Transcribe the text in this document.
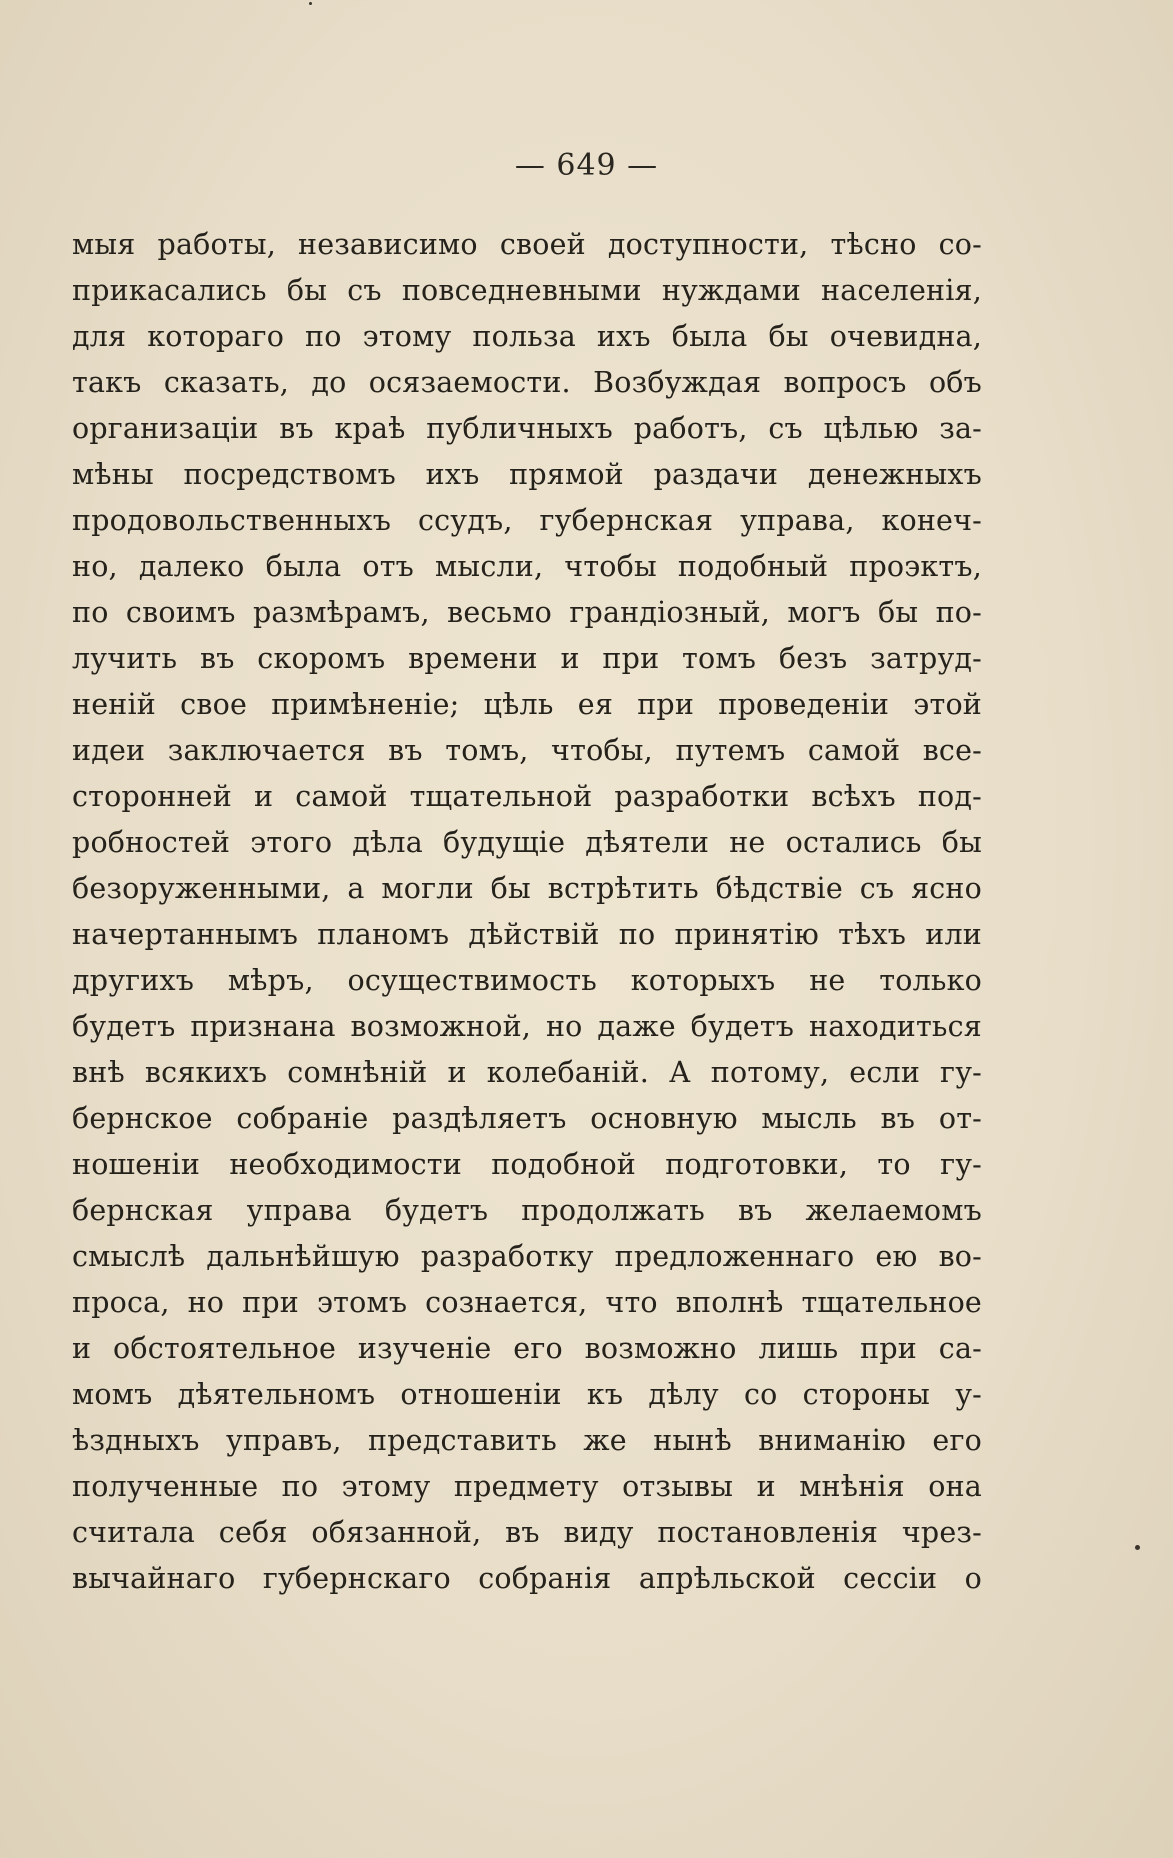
— 649 —
мыя работы, независимо своей доступности, тѣсно со-
прикасались бы съ повседневными нуждами населенія,
для котораго по этому польза ихъ была бы очевидна,
такъ сказать, до осязаемости. Возбуждая вопросъ объ
организаціи въ краѣ публичныхъ работъ, съ цѣлью за-
мѣны посредствомъ ихъ прямой раздачи денежныхъ
продовольственныхъ ссудъ, губернская управа, конеч-
но, далеко была отъ мысли, чтобы подобный проэктъ,
по своимъ размѣрамъ, весьмо грандіозный, могъ бы по-
лучить въ скоромъ времени и при томъ безъ затруд-
неній свое примѣненіе; цѣль ея при проведеніи этой
идеи заключается въ томъ, чтобы, путемъ самой все-
сторонней и самой тщательной разработки всѣхъ под-
робностей этого дѣла будущіе дѣятели не остались бы
безоруженными, а могли бы встрѣтить бѣдствіе съ ясно
начертаннымъ планомъ дѣйствій по принятію тѣхъ или
другихъ мѣръ, осуществимость которыхъ не только
будетъ признана возможной, но даже будетъ находиться
внѣ всякихъ сомнѣній и колебаній. А потому, если гу-
бернское собраніе раздѣляетъ основную мысль въ от-
ношеніи необходимости подобной подготовки, то гу-
бернская управа будетъ продолжать въ желаемомъ
смыслѣ дальнѣйшую разработку предложеннаго ею во-
проса, но при этомъ сознается, что вполнѣ тщательное
и обстоятельное изученіе его возможно лишь при са-
момъ дѣятельномъ отношеніи къ дѣлу со стороны у-
ѣздныхъ управъ, представить же нынѣ вниманію его
полученные по этому предмету отзывы и мнѣнія она
считала себя обязанной, въ виду постановленія чрез-
вычайнаго губернскаго собранія апрѣльской сессіи о
